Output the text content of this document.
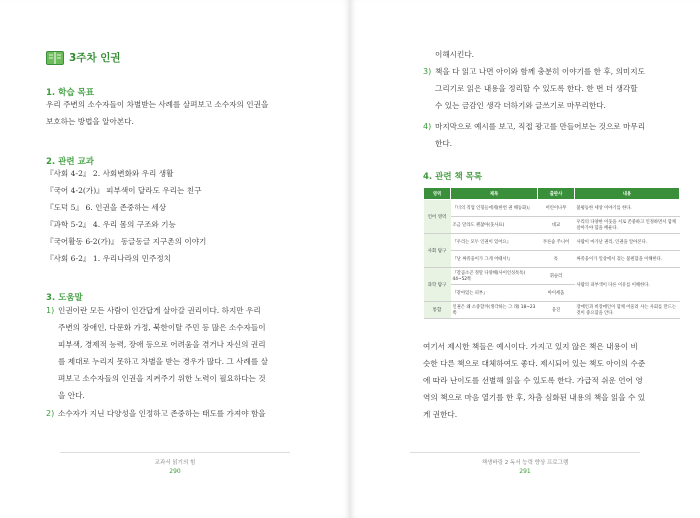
3주차 인권
1. 학습 목표
우리 주변의 소수자들이 차별받는 사례를 살펴보고 소수자의 인권을
보호하는 방법을 알아본다.
2. 관련 교과
『사회 4-2』 2. 사회변화와 우리 생활
『국어 4-2(가)』 피부색이 달라도 우리는 친구
『도덕 5』 6. 인권을 존중하는 세상
『과학 5-2』 4. 우리 몸의 구조와 기능
『국어활동 6-2(가)』 동글동글 지구촌의 이야기
『사회 6-2』 1. 우리나라의 민주정치
3. 도움말
1) 인권이란 모든 사람이 인간답게 살아갈 권리이다. 하지만 우리
주변의 장애인, 다문화 가정, 북한이탈 주민 등 많은 소수자들이
피부색, 경제적 능력, 장애 등으로 어려움을 겪거나 자신의 권리
를 제대로 누리지 못하고 차별을 받는 경우가 많다. 그 사례를 살
펴보고 소수자들의 인권을 지켜주기 위한 노력이 필요하다는 것
을 안다.
2) 소수자가 지닌 다양성을 인정하고 존중하는 태도를 가져야 함을
교과서 읽기의 힘
290
이해시킨다.
3) 책을 다 읽고 나면 아이와 함께 충분히 이야기를 한 후, 의미지도
그리기로 읽은 내용을 정리할 수 있도록 한다. 한 번 더 생각할
수 있는 금감인 생각 더하기와 글쓰기로 마무리한다.
4) 마지막으로 예시를 보고, 직접 광고를 만들어보는 것으로 마무리
한다.
4. 관련 책 목록
여기서 제시한 책들은 예시이다. 가지고 있지 않은 책은 내용이 비
슷한 다른 책으로 대체하여도 좋다. 제시되어 있는 책도 아이의 수준
에 따라 난이도를 선별해 읽을 수 있도록 한다. 가급적 쉬운 언어 영
역의 책으로 마음 열기를 한 후, 차츰 심화된 내용의 책을 읽을 수 있
게 권한다.
책생바링 2 독서 능력 향상 프로그램
291
영역	제목	출판사	내용
언어 영역	『너의 직업 인형들에게(한번 권 해동화)』	어린이나무	불평등한 세상 이야기를 한다.
	조금 달라도 괜찮아(웃사표)	대교	우리의 다양한 이웃을 서로 존중하고 인정하면서 함께 살아가야 함을 배운다.
사회 탐구	『우리는 모두 인권이 있어요』	푸른숲 주니어	사람이 마가난 권리, 인권을 알아본다.
	『난 짜쥬웅이가 그게 어때서!』	톡	짜쥬웅이가 일상에서 겪는 불편함을 이해한다.
과학 탐구	『갈곰소곤 정말 다양해(사이언싱톡톡) 44~52쪽	휘슬러	사람의 피부색이 다른 이유를 이해한다.
	『같아있는 피부』	아이세움	
통합	인권은 왜 소중할까(생각하는 그 래) 18~23쪽	웅진	장애인과 비장애인이 함께 어울려 사는 사회를 만드는 것이 중요함을 안다.
